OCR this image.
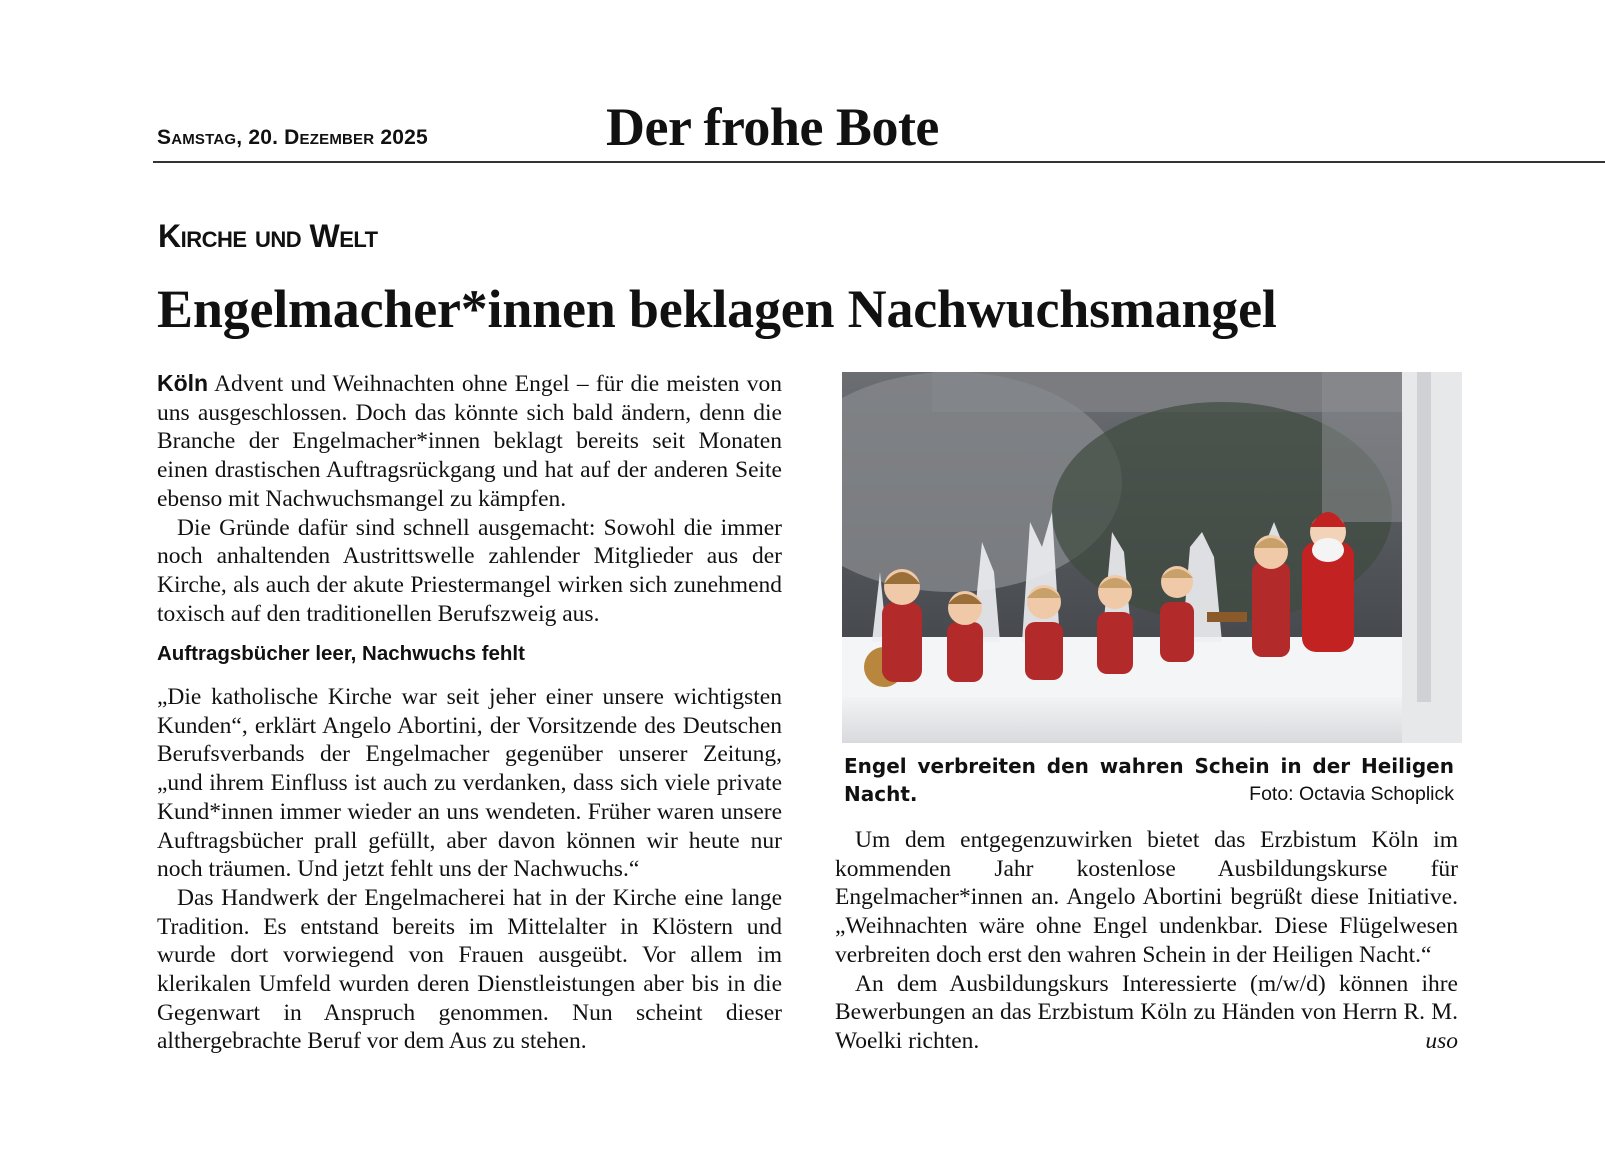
Samstag, 20. Dezember 2025	Der frohe Bote
Kirche und Welt
Engelmacher*innen beklagen Nachwuchsmangel

Köln Advent und Weihnachten ohne Engel – für die meisten von uns ausgeschlossen. Doch das könnte sich bald ändern, denn die Branche der Engelmacher*innen beklagt bereits seit Monaten einen drastischen Auftragsrückgang und hat auf der anderen Seite ebenso mit Nachwuchsmangel zu kämpfen.

Die Gründe dafür sind schnell ausgemacht: Sowohl die immer noch anhaltenden Austrittswelle zahlender Mitglieder aus der Kirche, als auch der akute Priestermangel wirken sich zunehmend toxisch auf den traditionellen Berufszweig aus.

Auftragsbücher leer, Nachwuchs fehlt

„Die katholische Kirche war seit jeher einer unsere wichtigsten Kunden“, erklärt Angelo Abortini, der Vorsitzende des Deutschen Berufsverbands der Engelmacher gegenüber unserer Zeitung, „und ihrem Einfluss ist auch zu verdanken, dass sich viele private Kund*innen immer wieder an uns wendeten. Früher waren unsere Auftragsbücher prall gefüllt, aber davon können wir heute nur noch träumen. Und jetzt fehlt uns der Nachwuchs.“

Das Handwerk der Engelmacherei hat in der Kirche eine lange Tradition. Es entstand bereits im Mittelalter in Klöstern und wurde dort vorwiegend von Frauen ausgeübt. Vor allem im klerikalen Umfeld wurden deren Dienstleistungen aber bis in die Gegenwart in Anspruch genommen. Nun scheint dieser althergebrachte Beruf vor dem Aus zu stehen.

Engel verbreiten den wahren Schein in der Heiligen Nacht.	Foto: Octavia Schoplick

Um dem entgegenzuwirken bietet das Erzbistum Köln im kommenden Jahr kostenlose Ausbildungskurse für Engelmacher*innen an. Angelo Abortini begrüßt diese Initiative. „Weihnachten wäre ohne Engel undenkbar. Diese Flügelwesen verbreiten doch erst den wahren Schein in der Heiligen Nacht.“

An dem Ausbildungskurs Interessierte (m/w/d) können ihre Bewerbungen an das Erzbistum Köln zu Händen von Herrn R. M. Woelki richten.	uso
